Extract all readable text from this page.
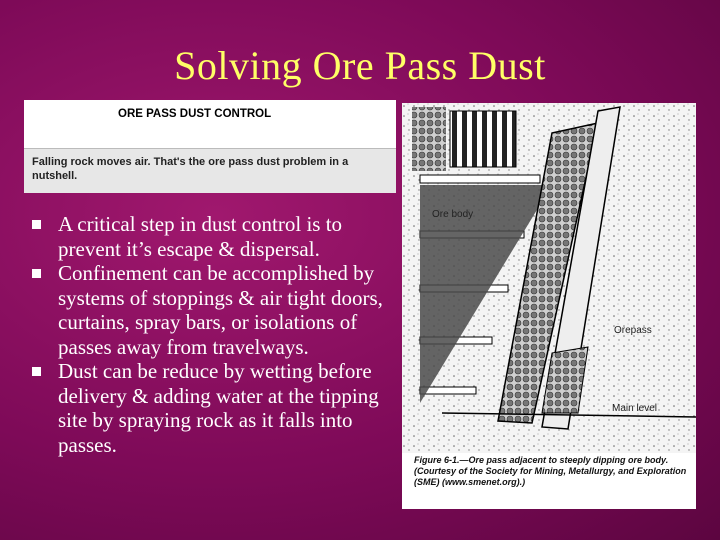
Solving Ore Pass Dust
ORE PASS DUST CONTROL
Falling rock moves air. That's the ore pass dust problem in a nutshell.
A critical step in dust control is to prevent it’s escape & dispersal.
Confinement can be accomplished by systems of stoppings & air tight doors, curtains, spray bars, or isolations of passes away from travelways.
Dust can be reduce by wetting before delivery & adding water at the tipping site by spraying rock as it falls into passes.
Ore body
Orepass
Main level
Figure 6-1.—Ore pass adjacent to steeply dipping ore body. (Courtesy of the Society for Mining, Metallurgy, and Exploration (SME) (www.smenet.org).)
